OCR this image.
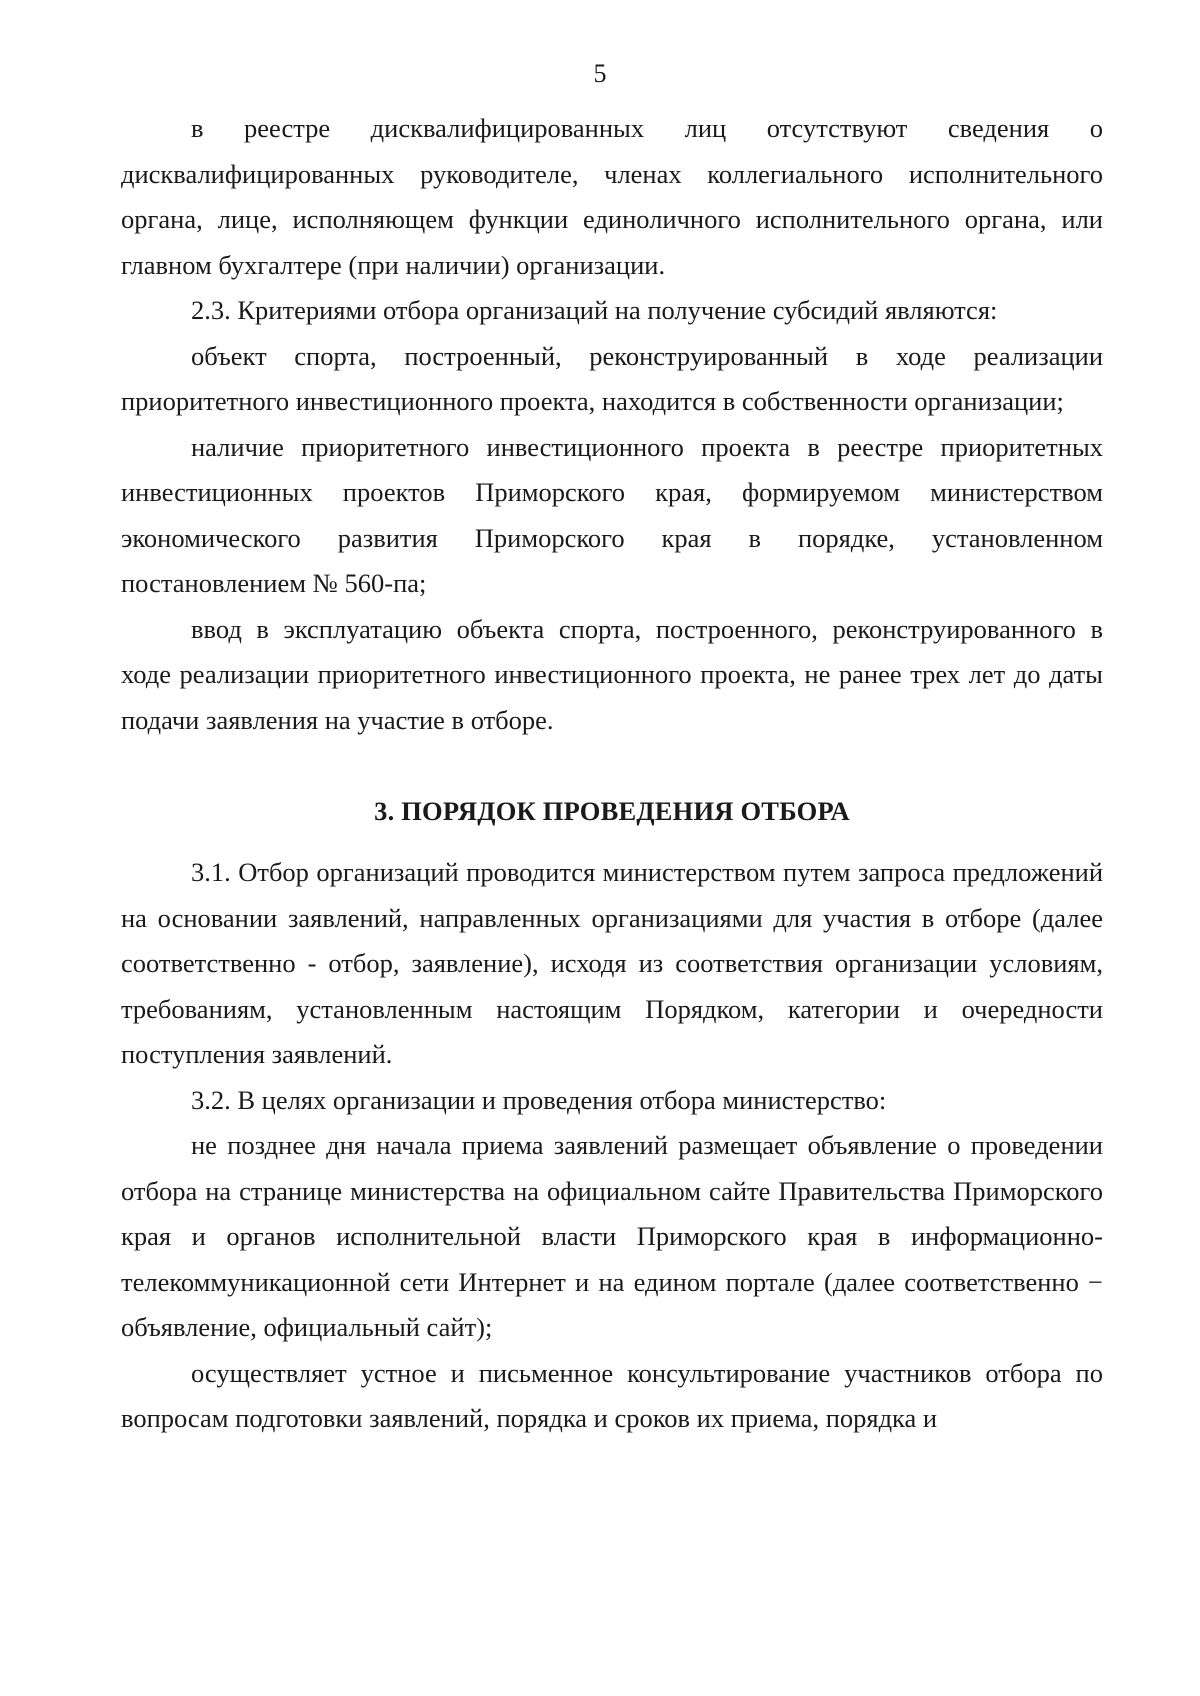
5

в реестре дисквалифицированных лиц отсутствуют сведения о дисквалифицированных руководителе, членах коллегиального исполнительного органа, лице, исполняющем функции единоличного исполнительного органа, или главном бухгалтере (при наличии) организации.

2.3. Критериями отбора организаций на получение субсидий являются:

объект спорта, построенный, реконструированный в ходе реализации приоритетного инвестиционного проекта, находится в собственности организации;

наличие приоритетного инвестиционного проекта в реестре приоритетных инвестиционных проектов Приморского края, формируемом министерством экономического развития Приморского края в порядке, установленном постановлением № 560-па;

ввод в эксплуатацию объекта спорта, построенного, реконструированного в ходе реализации приоритетного инвестиционного проекта, не ранее трех лет до даты подачи заявления на участие в отборе.

3. ПОРЯДОК ПРОВЕДЕНИЯ ОТБОРА

3.1. Отбор организаций проводится министерством путем запроса предложений на основании заявлений, направленных организациями для участия в отборе (далее соответственно - отбор, заявление), исходя из соответствия организации условиям, требованиям, установленным настоящим Порядком, категории и очередности поступления заявлений.

3.2. В целях организации и проведения отбора министерство:

не позднее дня начала приема заявлений размещает объявление о проведении отбора на странице министерства на официальном сайте Правительства Приморского края и органов исполнительной власти Приморского края в информационно-телекоммуникационной сети Интернет и на едином портале (далее соответственно − объявление, официальный сайт);

осуществляет устное и письменное консультирование участников отбора по вопросам подготовки заявлений, порядка и сроков их приема, порядка и
